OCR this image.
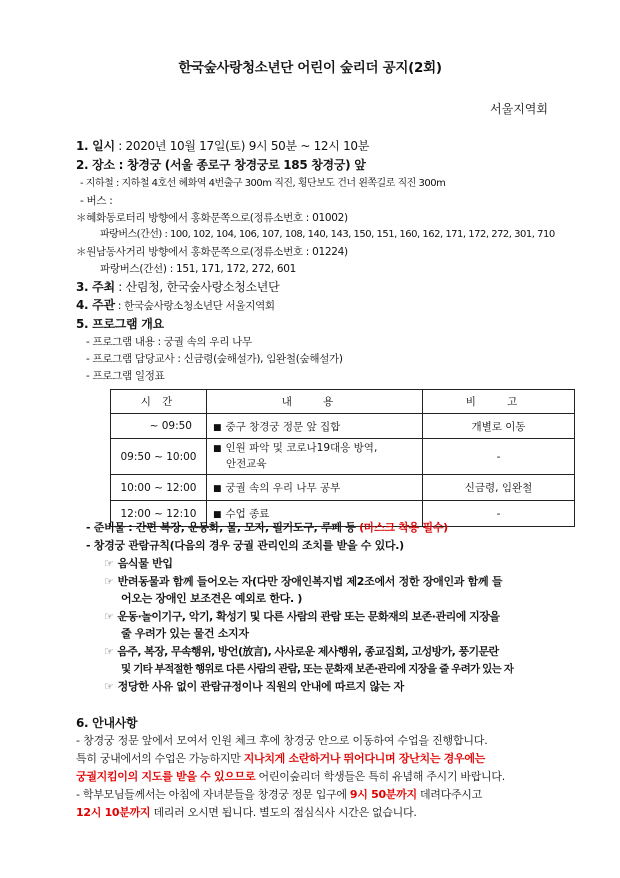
한국숲사랑청소년단 어린이 숲리더 공지(2회)
서울지역회
1. 일시 : 2020년 10월 17일(토) 9시 50분 ~ 12시 10분
2. 장소 : 창경궁 (서울 종로구 창경궁로 185 창경궁) 앞
- 지하철 : 지하철 4호선 혜화역 4번출구 300m 직진, 횡단보도 건너 왼쪽길로 직진 300m
- 버스 :
＊혜화동로터리 방향에서 홍화문쪽으로(정류소번호 : 01002)
파랑버스(간선) : 100, 102, 104, 106, 107, 108, 140, 143, 150, 151, 160, 162, 171, 172, 272, 301, 710
＊원남동사거리 방향에서 홍화문쪽으로(정류소번호 : 01224)
파랑버스(간선) : 151, 171, 172, 272, 601
3. 주최 : 산림청, 한국숲사랑소청소년단
4. 주관 : 한국숲사랑소청소년단 서울지역회
5. 프로그램 개요
- 프로그램 내용 : 궁궐 속의 우리 나무
- 프로그램 담당교사 : 신금령(숲해설가), 임완철(숲해설가)
- 프로그램 일정표
시 간	내 용	비 고
~ 09:50	■ 중구 창경궁 정문 앞 집합	개별로 이동
09:50 ~ 10:00	■ 인원 파악 및 코로나19대응 방역,
안전교육	-
10:00 ~ 12:00	■ 궁궐 속의 우리 나무 공부	신금령, 임완철
12:00 ~ 12:10	■ 수업 종료	-
- 준비물 : 간편 복장, 운동화, 물, 모자, 필기도구, 루페 등 (마스크 착용 필수)
- 창경궁 관람규칙(다음의 경우 궁궐 관리인의 조치를 받을 수 있다.)
☞ 음식물 반입
☞ 반려동물과 함께 들어오는 자(다만 장애인복지법 제2조에서 정한 장애인과 함께 들
어오는 장애인 보조견은 예외로 한다. )
☞ 운동·놀이기구, 악기, 확성기 및 다른 사람의 관람 또는 문화재의 보존·관리에 지장을
줄 우려가 있는 물건 소지자
☞ 음주, 복장, 무속행위, 방언(放言), 사사로운 제사행위, 종교집회, 고성방가, 풍기문란
및 기타 부적절한 행위로 다른 사람의 관람, 또는 문화재 보존·관리에 지장을 줄 우려가 있는 자
☞ 정당한 사유 없이 관람규정이나 직원의 안내에 따르지 않는 자
6. 안내사항
- 창경궁 정문 앞에서 모여서 인원 체크 후에 창경궁 안으로 이동하여 수업을 진행합니다.
특히 궁내에서의 수업은 가능하지만 지나치게 소란하거나 뛰어다니며 장난치는 경우에는
궁궐지킴이의 지도를 받을 수 있으므로 어린이숲리더 학생들은 특히 유념해 주시기 바랍니다.
- 학부모님들께서는 아침에 자녀분들을 창경궁 정문 입구에 9시 50분까지 데려다주시고
12시 10분까지 데리러 오시면 됩니다. 별도의 점심식사 시간은 없습니다.
